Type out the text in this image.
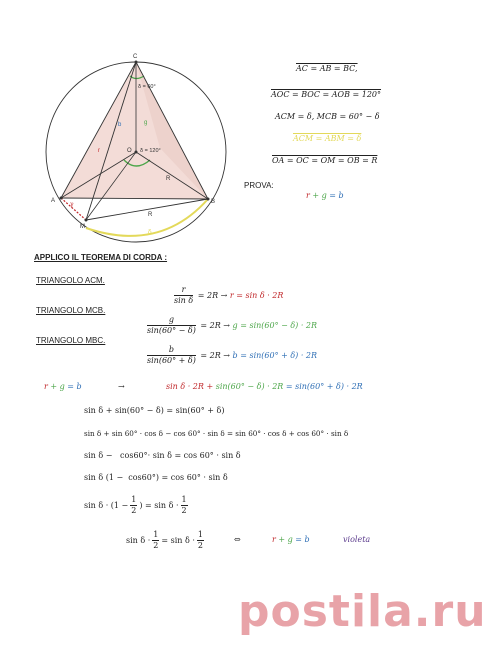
C
A	B
M
O
r
b	g
R
R
γ
δ
δ = 60°
δ = 120°
AC = AB = BC,
AOC = BOC = AOB = 120°
ACM = δ, MCB = 60° − δ
ACM = ABM = δ
OA = OC = OM = OB = R
PROVA:
r + g = b
APPLICO IL TEOREMA DI CORDA :
TRIANGOLO ACM.
$\frac{r}{\text{sin δ}} = 2R \to r = \sin \delta \cdot 2R$
TRIANGOLO MCB.
$\frac{g}{\sin(60^\circ - \delta)} = 2R \to g = \sin(60^\circ - \delta) \cdot 2R$
TRIANGOLO MBC.
$\frac{b}{\sin(60^\circ + \delta)} = 2R \to b = \sin(60^\circ + \delta) \cdot 2R$
r + g = b	→	sin δ · 2R + sin(60° − δ) · 2R = sin(60° + δ) · 2R
sin δ + sin(60° − δ) = sin(60° + δ)
sin δ + sin 60° · cos δ − cos 60° · sin δ = sin 60° · cos δ + cos 60° · sin δ
sin δ −   cos60°· sin δ = cos 60° · sin δ
sin δ (1 −  cos60°) = cos 60° · sin δ
$\sin \delta \cdot (1 - \frac{1}{2}$ ) = $\sin \delta \cdot \frac{1}{2}$
$\sin \delta \cdot \frac{1}{2} = \sin \delta \cdot \frac{1}{2}$	⇔	r + g = b	violeta
postila.ru
